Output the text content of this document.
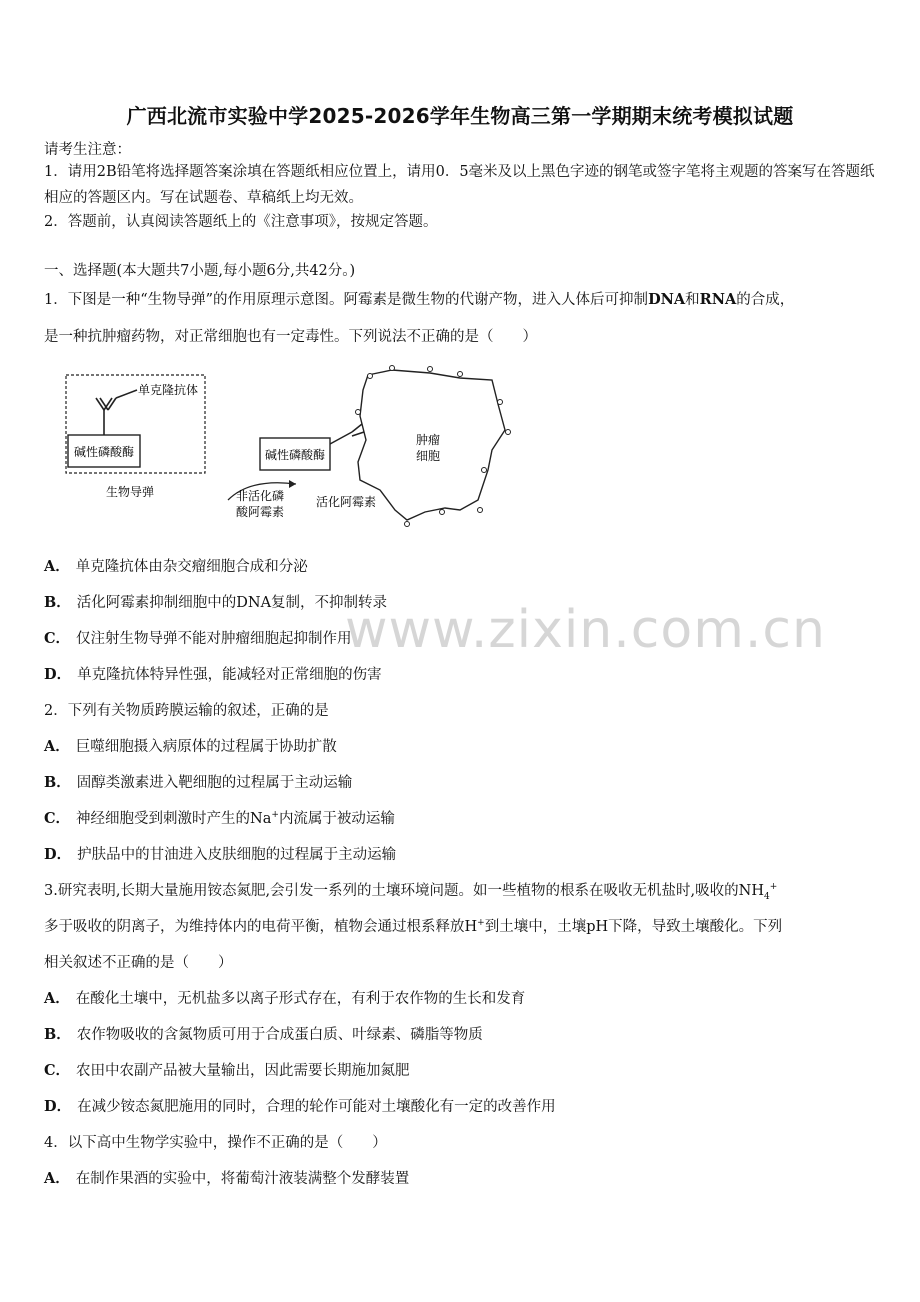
广西北流市实验中学2025-2026学年生物高三第一学期期末统考模拟试题
请考生注意：
1．请用2B铅笔将选择题答案涂填在答题纸相应位置上，请用0．5毫米及以上黑色字迹的钢笔或签字笔将主观题的答案写在答题纸相应的答题区内。写在试题卷、草稿纸上均无效。
2．答题前，认真阅读答题纸上的《注意事项》，按规定答题。
一、选择题(本大题共7小题,每小题6分,共42分。)
1．下图是一种“生物导弹”的作用原理示意图。阿霉素是微生物的代谢产物，进入人体后可抑制DNA和RNA的合成，
是一种抗肿瘤药物，对正常细胞也有一定毒性。下列说法不正确的是（　　）
单克隆抗体
碱性磷酸酶
生物导弹
肿瘤
细胞
碱性磷酸酶
非活化磷
酸阿霉素
活化阿霉素
A． 单克隆抗体由杂交瘤细胞合成和分泌
B． 活化阿霉素抑制细胞中的DNA复制，不抑制转录
C． 仅注射生物导弹不能对肿瘤细胞起抑制作用
D． 单克隆抗体特异性强，能减轻对正常细胞的伤害
www.zixin.com.cn
2．下列有关物质跨膜运输的叙述，正确的是
A． 巨噬细胞摄入病原体的过程属于协助扩散
B． 固醇类激素进入靶细胞的过程属于主动运输
C． 神经细胞受到刺激时产生的Na+内流属于被动运输
D． 护肤品中的甘油进入皮肤细胞的过程属于主动运输
3.研究表明,长期大量施用铵态氮肥,会引发一系列的土壤环境问题。如一些植物的根系在吸收无机盐时,吸收的$NH_4^+$
多于吸收的阴离子，为维持体内的电荷平衡，植物会通过根系释放H+到土壤中，土壤pH下降，导致土壤酸化。下列
相关叙述不正确的是（　　）
A． 在酸化土壤中，无机盐多以离子形式存在，有利于农作物的生长和发育
B． 农作物吸收的含氮物质可用于合成蛋白质、叶绿素、磷脂等物质
C． 农田中农副产品被大量输出，因此需要长期施加氮肥
D． 在减少铵态氮肥施用的同时，合理的轮作可能对土壤酸化有一定的改善作用
4．以下高中生物学实验中，操作不正确的是（　　）
A． 在制作果酒的实验中，将葡萄汁液装满整个发酵装置
